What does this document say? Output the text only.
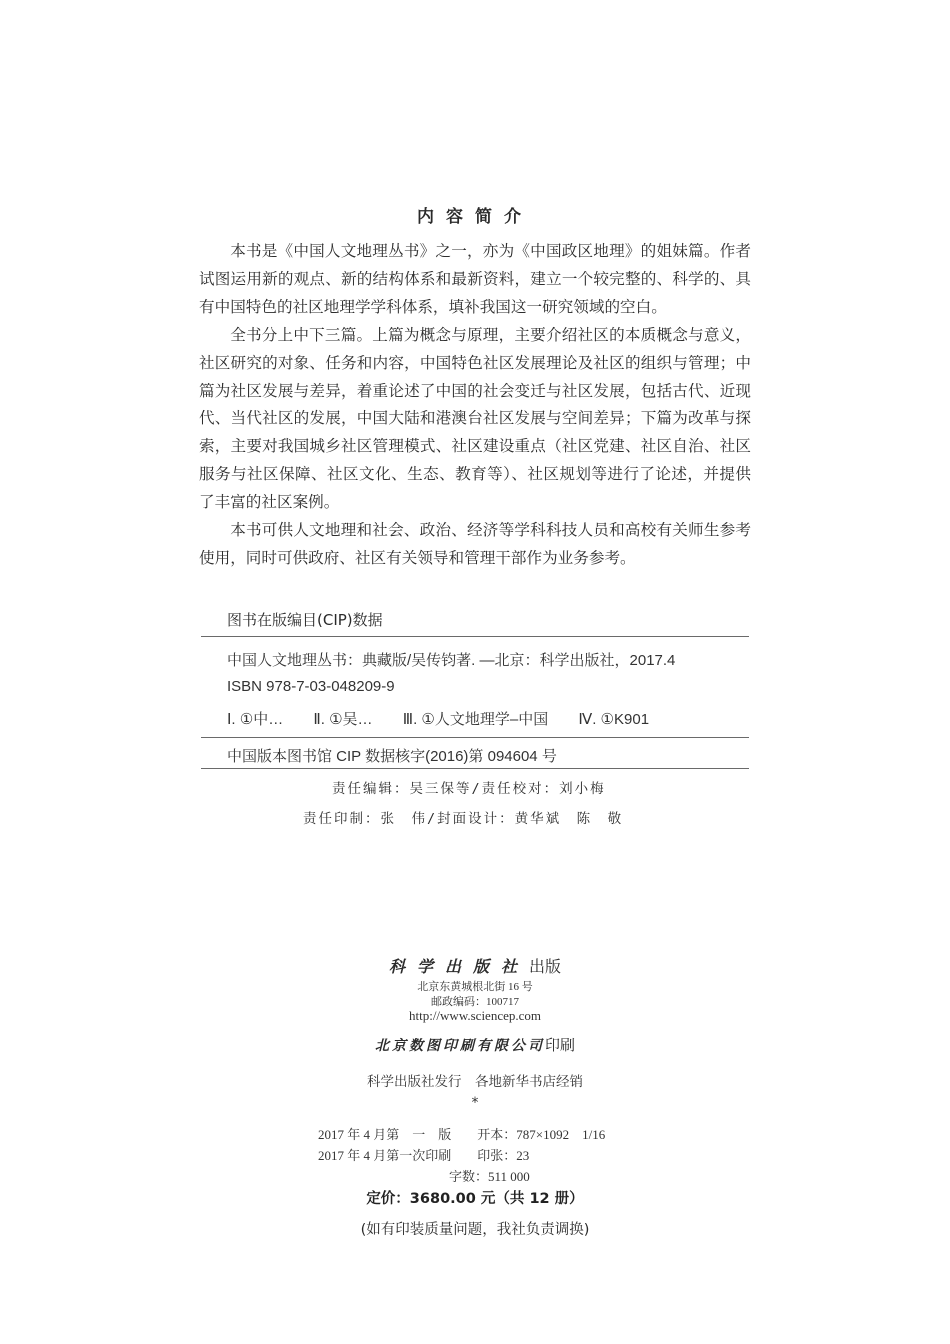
内容简介

本书是《中国人文地理丛书》之一，亦为《中国政区地理》的姐妹篇。作者试图运用新的观点、新的结构体系和最新资料，建立一个较完整的、科学的、具有中国特色的社区地理学学科体系，填补我国这一研究领域的空白。

全书分上中下三篇。上篇为概念与原理，主要介绍社区的本质概念与意义，社区研究的对象、任务和内容，中国特色社区发展理论及社区的组织与管理；中篇为社区发展与差异，着重论述了中国的社会变迁与社区发展，包括古代、近现代、当代社区的发展，中国大陆和港澳台社区发展与空间差异；下篇为改革与探索，主要对我国城乡社区管理模式、社区建设重点（社区党建、社区自治、社区服务与社区保障、社区文化、生态、教育等）、社区规划等进行了论述，并提供了丰富的社区案例。

本书可供人文地理和社会、政治、经济等学科科技人员和高校有关师生参考使用，同时可供政府、社区有关领导和管理干部作为业务参考。

图书在版编目(CIP)数据
中国人文地理丛书：典藏版/吴传钧著. —北京：科学出版社，2017.4
ISBN 978-7-03-048209-9
Ⅰ. ①中… Ⅱ. ①吴… Ⅲ. ①人文地理学–中国 Ⅳ. ①K901
中国版本图书馆 CIP 数据核字(2016)第 094604 号
责任编辑：吴三保等/责任校对：刘小梅
责任印制：张　伟/封面设计：黄华斌　陈　敬
科学出版社出版
北京东黄城根北街 16 号
邮政编码：100717
http://www.sciencep.com
北京数图印刷有限公司印刷
科学出版社发行　各地新华书店经销
*
2017 年 4 月第　一　版　　开本：787×1092　1/16
2017 年 4 月第一次印刷　　印张：23
字数：511 000
定价：3680.00 元（共 12 册）
(如有印装质量问题，我社负责调换)
